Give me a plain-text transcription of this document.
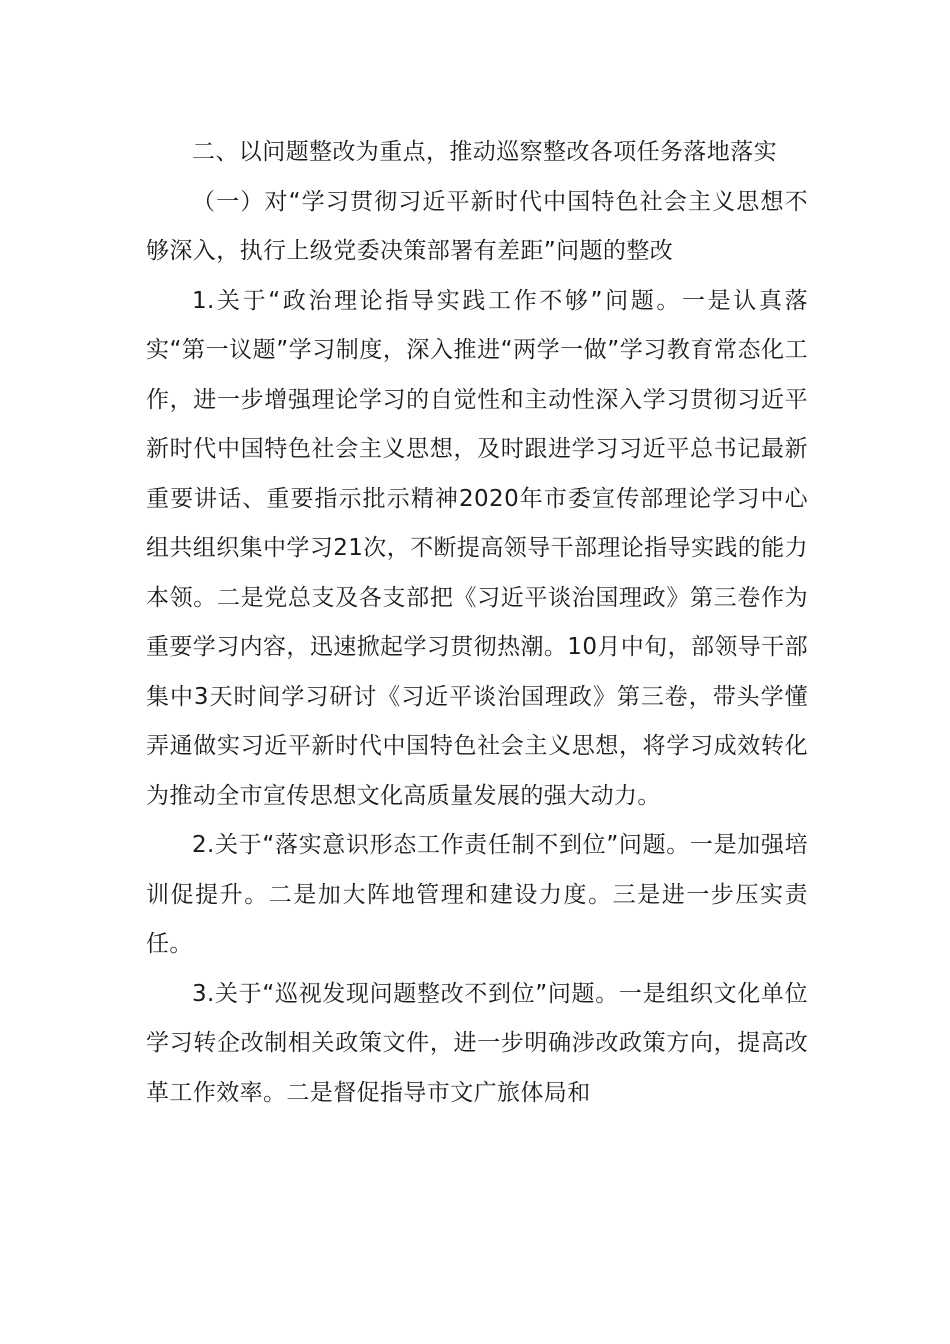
二、以问题整改为重点，推动巡察整改各项任务落地落实

（一）对“学习贯彻习近平新时代中国特色社会主义思想不够深入，执行上级党委决策部署有差距”问题的整改

1.关于“政治理论指导实践工作不够”问题。一是认真落实“第一议题”学习制度，深入推进“两学一做”学习教育常态化工作，进一步增强理论学习的自觉性和主动性深入学习贯彻习近平新时代中国特色社会主义思想，及时跟进学习习近平总书记最新重要讲话、重要指示批示精神2020年市委宣传部理论学习中心组共组织集中学习21次，不断提高领导干部理论指导实践的能力本领。二是党总支及各支部把《习近平谈治国理政》第三卷作为重要学习内容，迅速掀起学习贯彻热潮。10月中旬，部领导干部集中3天时间学习研讨《习近平谈治国理政》第三卷，带头学懂弄通做实习近平新时代中国特色社会主义思想，将学习成效转化为推动全市宣传思想文化高质量发展的强大动力。

2.关于“落实意识形态工作责任制不到位”问题。一是加强培训促提升。二是加大阵地管理和建设力度。三是进一步压实责任。

3.关于“巡视发现问题整改不到位”问题。一是组织文化单位学习转企改制相关政策文件，进一步明确涉改政策方向，提高改革工作效率。二是督促指导市文广旅体局和
